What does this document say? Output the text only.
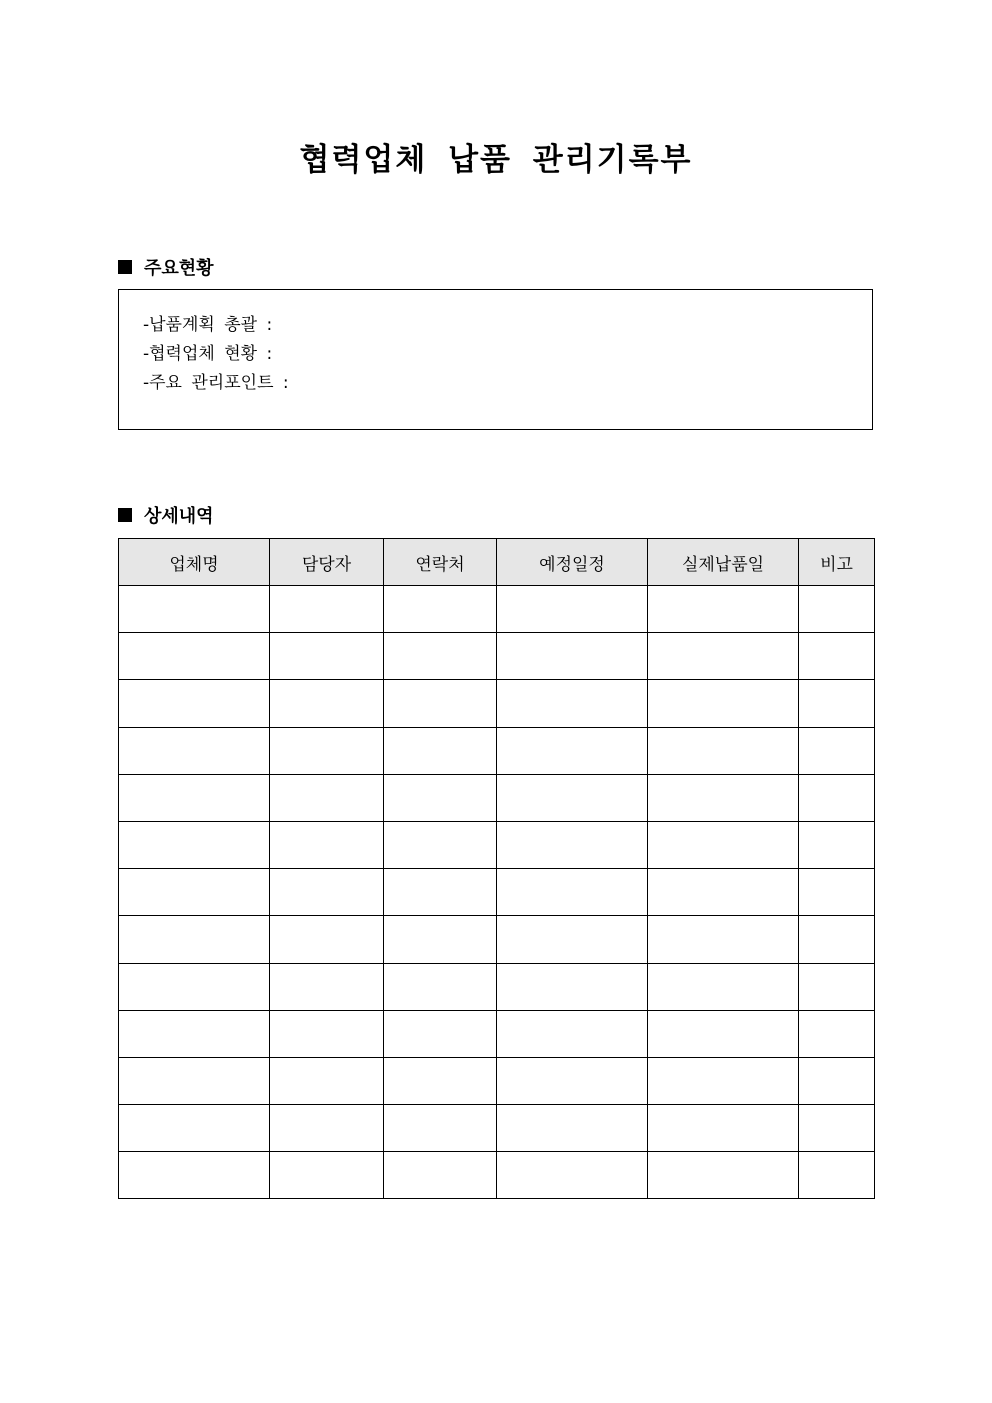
협력업체 납품 관리기록부
주요현황
-납품계획 총괄 :
-협력업체 현황 :
-주요 관리포인트 :
상세내역
업체명	담당자	연락처	예정일정	실제납품일	비고
